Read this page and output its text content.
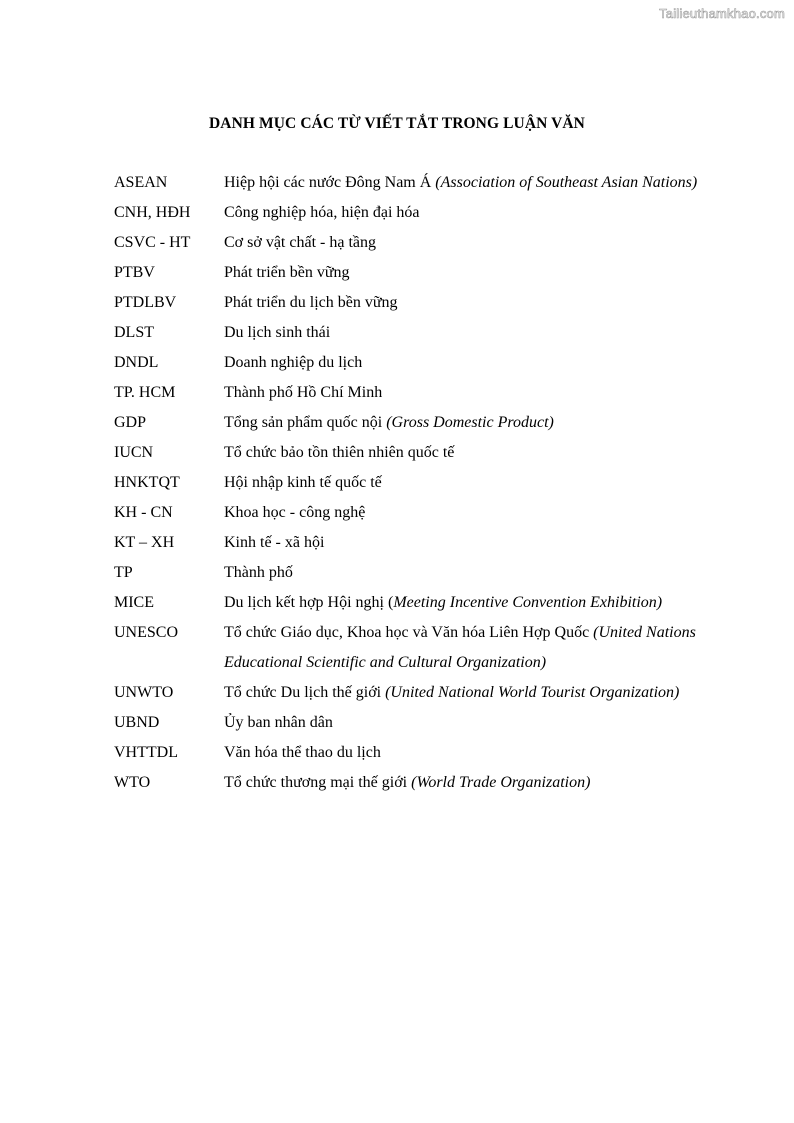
Tailieuthamkhao.com
DANH MỤC CÁC TỪ VIẾT TẮT TRONG LUẬN VĂN
ASEAN	Hiệp hội các nước Đông Nam Á (Association of Southeast Asian Nations)
CNH, HĐH	Công nghiệp hóa, hiện đại hóa
CSVC - HT	Cơ sở vật chất - hạ tầng
PTBV	Phát triển bền vững
PTDLBV	Phát triển du lịch bền vững
DLST	Du lịch sinh thái
DNDL	Doanh nghiệp du lịch
TP. HCM	Thành phố Hồ Chí Minh
GDP	Tổng sản phẩm quốc nội (Gross Domestic Product)
IUCN	Tổ chức bảo tồn thiên nhiên quốc tế
HNKTQT	Hội nhập kinh tế quốc tế
KH - CN	Khoa học - công nghệ
KT – XH	Kinh tế - xã hội
TP	Thành phố
MICE	Du lịch kết hợp Hội nghị (Meeting Incentive Convention Exhibition)
UNESCO	Tổ chức Giáo dục, Khoa học và Văn hóa Liên Hợp Quốc (United Nations Educational Scientific and Cultural Organization)
UNWTO	Tổ chức Du lịch thế giới (United National World Tourist Organization)
UBND	Ủy ban nhân dân
VHTTDL	Văn hóa thể thao du lịch
WTO	Tổ chức thương mại thế giới (World Trade Organization)
